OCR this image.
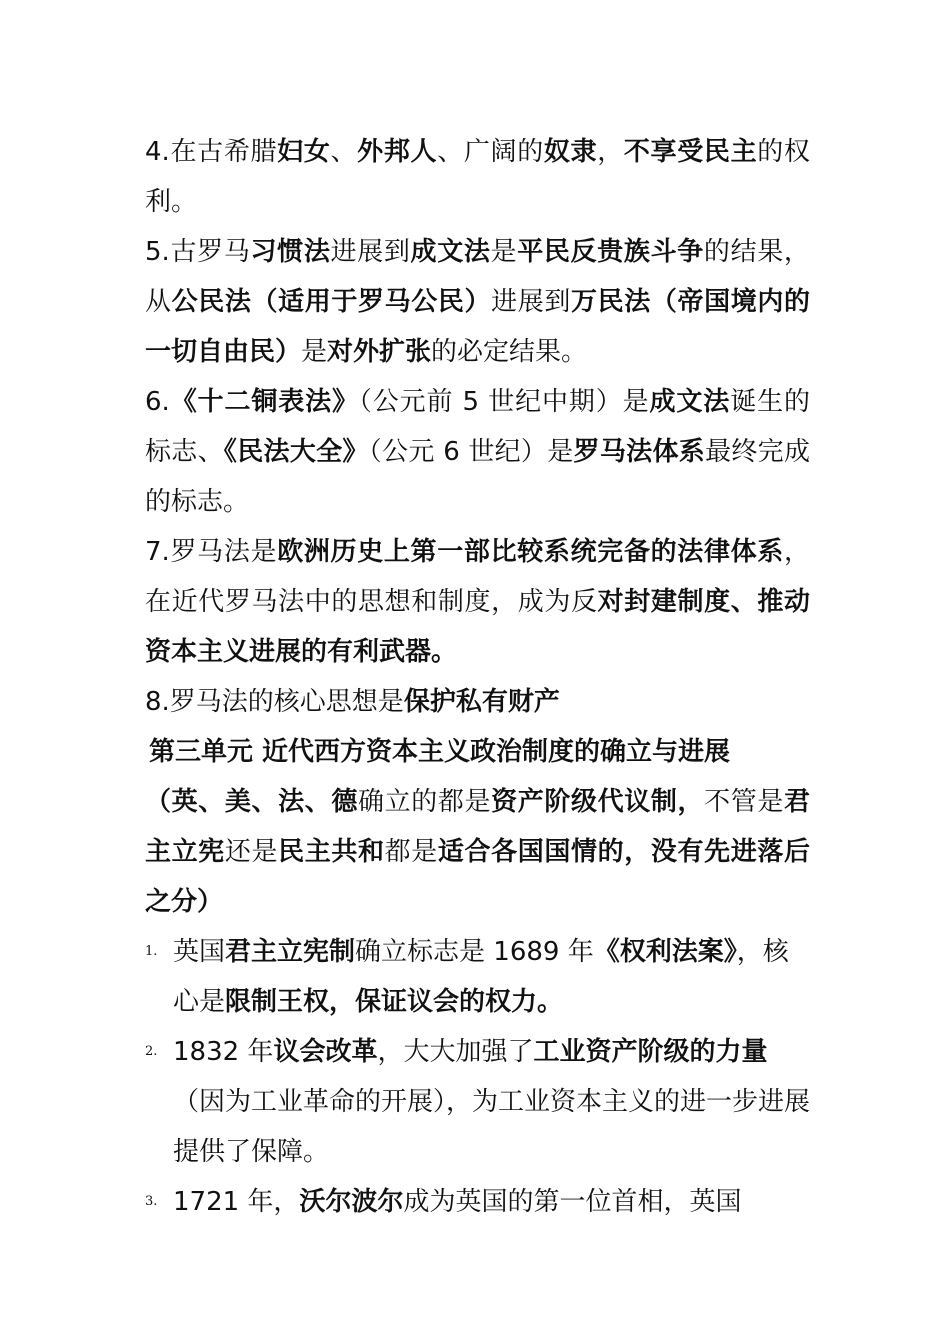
4.在古希腊妇女、外邦人、广阔的奴隶，不享受民主的权利。

5.古罗马习惯法进展到成文法是平民反贵族斗争的结果，从公民法（适用于罗马公民）进展到万民法（帝国境内的一切自由民）是对外扩张的必定结果。

6.《十二铜表法》（公元前 5 世纪中期）是成文法诞生的标志、《民法大全》（公元 6 世纪）是罗马法体系最终完成的标志。

7.罗马法是欧洲历史上第一部比较系统完备的法律体系，在近代罗马法中的思想和制度，成为反对封建制度、推动资本主义进展的有利武器。

8.罗马法的核心思想是保护私有财产

第三单元 近代西方资本主义政治制度的确立与进展

（英、美、法、德确立的都是资产阶级代议制，不管是君主立宪还是民主共和都是适合各国国情的，没有先进落后之分）

1. 英国君主立宪制确立标志是 1689 年《权利法案》，核心是限制王权，保证议会的权力。

2. 1832 年议会改革，大大加强了工业资产阶级的力量（因为工业革命的开展），为工业资本主义的进一步进展提供了保障。

3. 1721 年，沃尔波尔成为英国的第一位首相，英国
